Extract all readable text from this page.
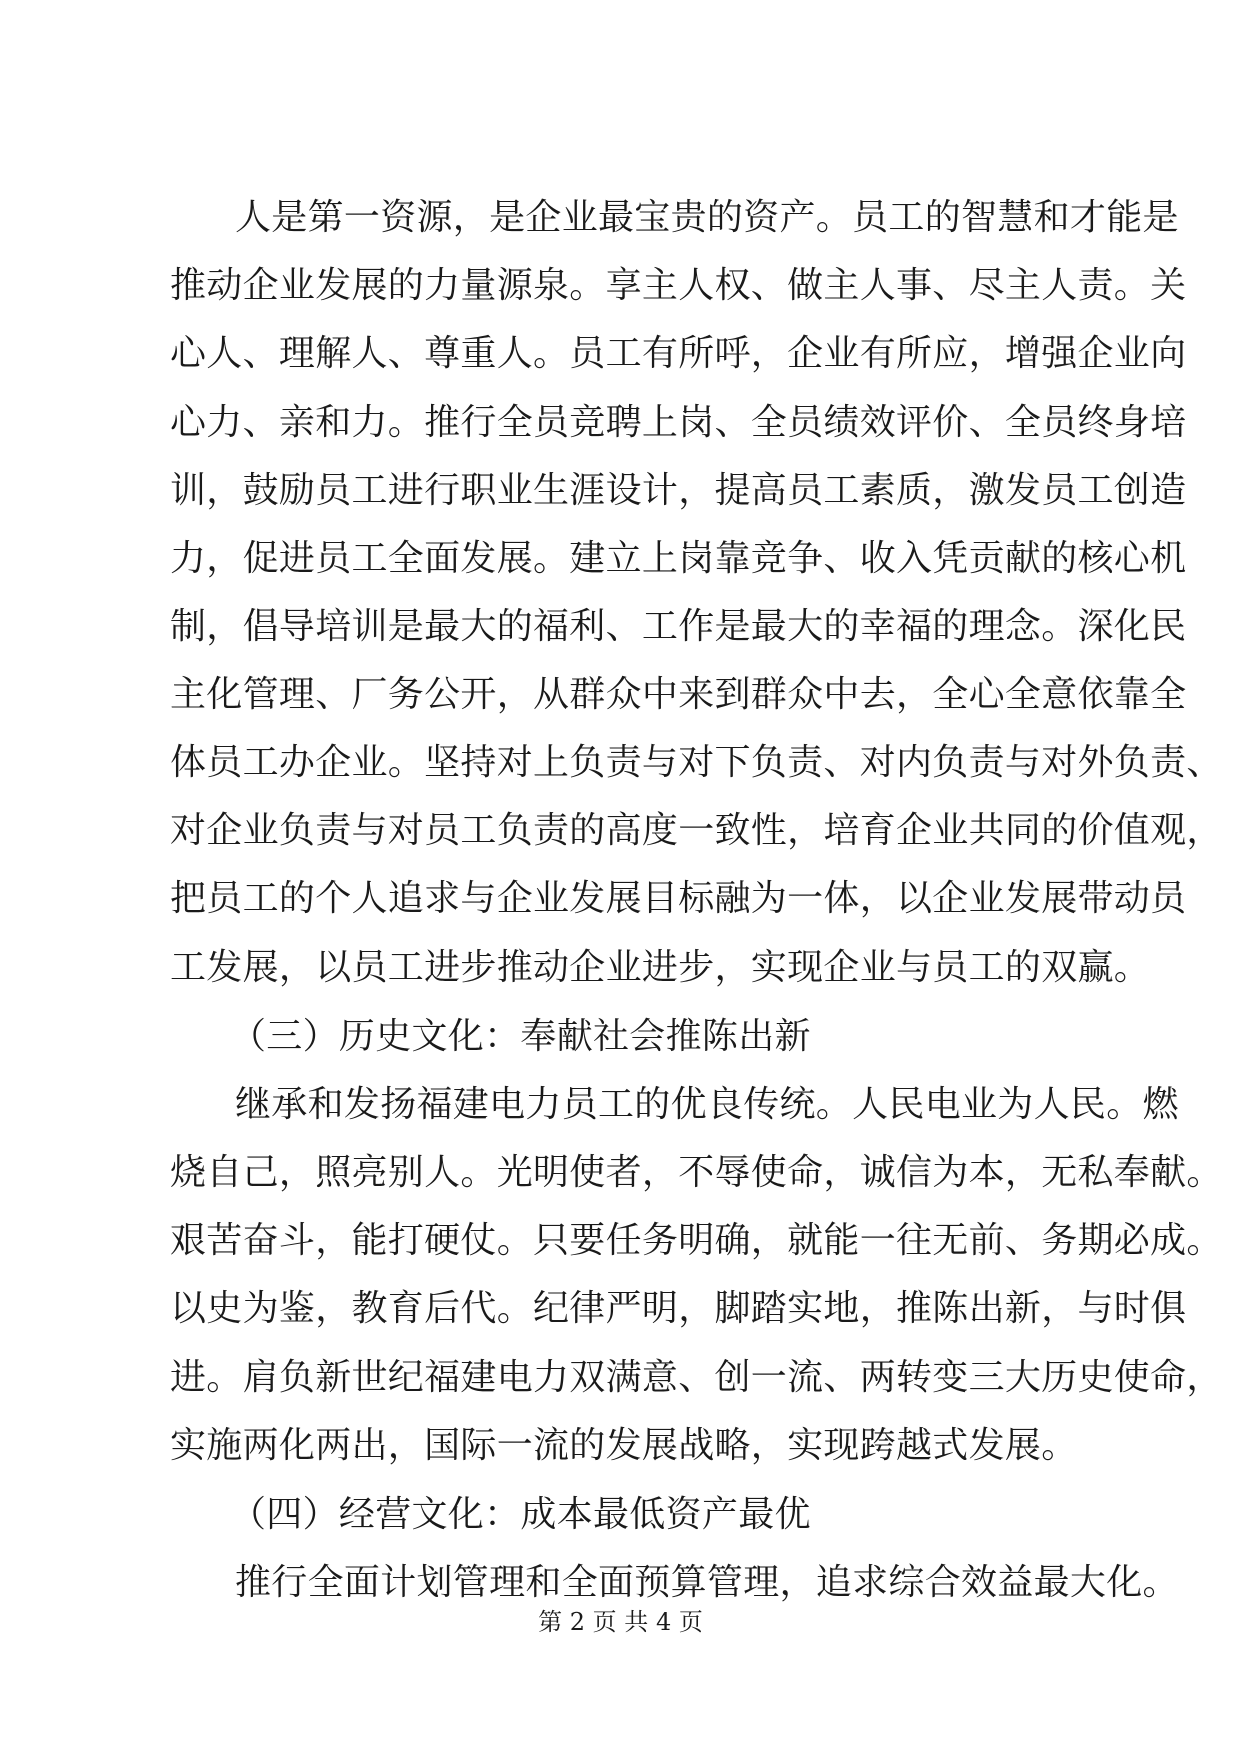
人是第一资源，是企业最宝贵的资产。员工的智慧和才能是
推动企业发展的力量源泉。享主人权、做主人事、尽主人责。关
心人、理解人、尊重人。员工有所呼，企业有所应，增强企业向
心力、亲和力。推行全员竞聘上岗、全员绩效评价、全员终身培
训，鼓励员工进行职业生涯设计，提高员工素质，激发员工创造
力，促进员工全面发展。建立上岗靠竞争、收入凭贡献的核心机
制，倡导培训是最大的福利、工作是最大的幸福的理念。深化民
主化管理、厂务公开，从群众中来到群众中去，全心全意依靠全
体员工办企业。坚持对上负责与对下负责、对内负责与对外负责、
对企业负责与对员工负责的高度一致性，培育企业共同的价值观，
把员工的个人追求与企业发展目标融为一体，以企业发展带动员
工发展，以员工进步推动企业进步，实现企业与员工的双赢。
（三）历史文化：奉献社会推陈出新
继承和发扬福建电力员工的优良传统。人民电业为人民。燃
烧自己，照亮别人。光明使者，不辱使命，诚信为本，无私奉献。
艰苦奋斗，能打硬仗。只要任务明确，就能一往无前、务期必成。
以史为鉴，教育后代。纪律严明，脚踏实地，推陈出新，与时俱
进。肩负新世纪福建电力双满意、创一流、两转变三大历史使命，
实施两化两出，国际一流的发展战略，实现跨越式发展。
（四）经营文化：成本最低资产最优
推行全面计划管理和全面预算管理，追求综合效益最大化。
第 2 页 共 4 页
